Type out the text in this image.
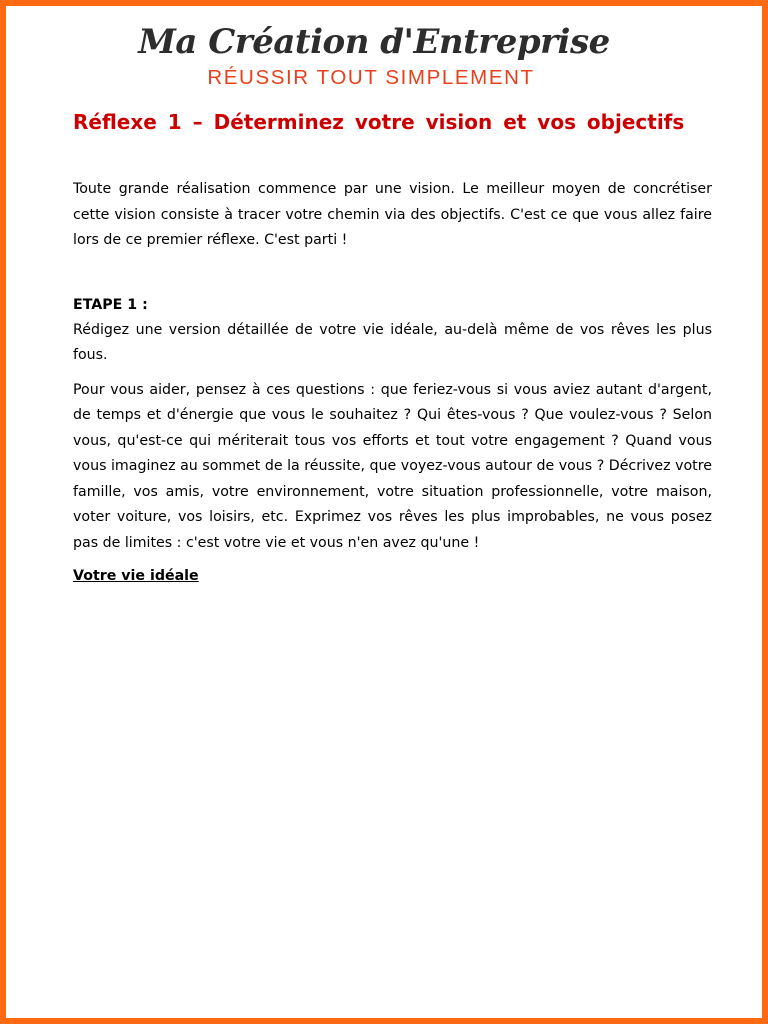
Ma Création d'Entreprise
RÉUSSIR TOUT SIMPLEMENT
Réflexe 1 – Déterminez votre vision et vos objectifs

Toute grande réalisation commence par une vision. Le meilleur moyen de concrétiser cette vision consiste à tracer votre chemin via des objectifs. C'est ce que vous allez faire lors de ce premier réflexe. C'est parti !

ETAPE 1 :

Rédigez une version détaillée de votre vie idéale, au-delà même de vos rêves les plus fous.

Pour vous aider, pensez à ces questions : que feriez-vous si vous aviez autant d'argent, de temps et d'énergie que vous le souhaitez ? Qui êtes-vous ? Que voulez-vous ? Selon vous, qu'est-ce qui mériterait tous vos efforts et tout votre engagement ? Quand vous vous imaginez au sommet de la réussite, que voyez-vous autour de vous ? Décrivez votre famille, vos amis, votre environnement, votre situation professionnelle, votre maison, voter voiture, vos loisirs, etc. Exprimez vos rêves les plus improbables, ne vous posez pas de limites : c'est votre vie et vous n'en avez qu'une !

Votre vie idéale
